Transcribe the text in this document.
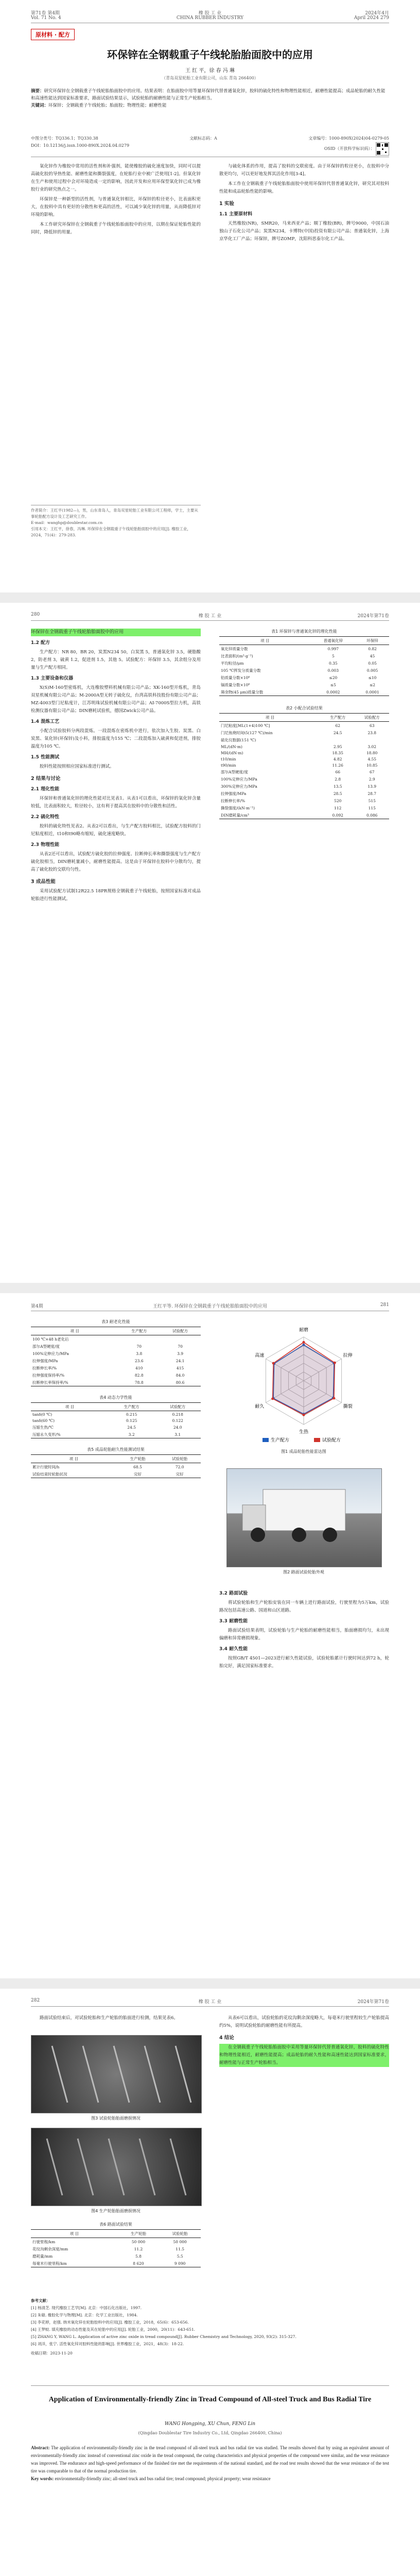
第71卷 第4期	橡 胶 工 业	2024年4月
Vol. 71 No. 4	CHINA RUBBER INDUSTRY	April 2024 279
原材料 · 配方
环保锌在全钢载重子午线轮胎胎面胶中的应用
王 红 平，徐 春 冯 琳
（青岛双星轮胎工业有限公司，山东 青岛 266400）
摘要：研究环保锌在全钢载重子午线轮胎胎面胶中的应用。结果表明：在胎面胶中用等量环保锌代替普通氧化锌，胶料的硫化特性和物理性能相近，耐磨性能提高；成品轮胎的耐久性能和高速性能达到国家标准要求，路面试验结果显示，试验轮胎的耐磨性能与正常生产轮胎相当。
关键词：环保锌；全钢载重子午线轮胎；胎面胶；物理性能；耐磨性能
中图分类号：TQ336.1；TQ330.38	文献标志码：A	文章编号：1000-890X(2024)04-0279-05
DOI：10.12136/j.issn.1000-890X.2024.04.0279
OSID（开放科学标识码）：

氧化锌作为橡胶中常用的活性剂和补强剂，能使橡胶的硫化速度加快，同时可以提高硫化胶的导热性能、耐磨性能和撕裂强度，在轮胎行业中被广泛使用[1-2]。但氧化锌在生产和使用过程中会对环境造成一定的影响，因此开发和应用环保型氧化锌已成为橡胶行业的研究热点之一。

环保锌是一种新型的活性剂，与普通氧化锌相比，环保锌的粒径更小，比表面积更大，在胶料中具有更好的分散性和更高的活性，可以减少氧化锌的用量，从而降低锌对环境的影响。

本工作研究环保锌在全钢载重子午线轮胎胎面胶中的应用，以期在保证轮胎性能的同时，降低锌的用量。

与硫化体系的作用，提高了胶料的交联密度。由于环保锌的粒径更小，在胶料中分散更均匀，可以更好地发挥其活化作用[3-4]。

本工作在全钢载重子午线轮胎胎面胶中使用环保锌代替普通氧化锌，研究其对胶料性能和成品轮胎性能的影响。

1 实验
1.1 主要原材料

天然橡胶(NR)，SMR20，马来西亚产品；顺丁橡胶(BR)，牌号9000，中国石油独山子石化公司产品；炭黑N234，卡博特(中国)投资有限公司产品；普通氧化锌，上海京华化工厂产品；环保锌，牌号ZOMP，沈阳科思泰尔化工产品。

作者简介：王红平(1982—)，男，山东青岛人，青岛双星轮胎工业有限公司工程师，学士，主要从事轮胎配方设计及工艺研究工作。
E-mail：wanghp@doublestar.com.cn
引用本文：王红平，徐春，冯琳. 环保锌在全钢载重子午线轮胎胎面胶中的应用[J]. 橡胶工业，2024，71(4)：279-283.
280	橡 胶 工 业	2024年第71卷
环保锌在全钢载重子午线轮胎胎面胶中的应用
1.2 配方

生产配方：NR 80，BR 20，炭黑N234 50，白炭黑 5，普通氧化锌 3.5，硬脂酸 2，防老剂 3，硫黄 1.2，促进剂 1.5，其他 5。试验配方：环保锌 3.5，其余组分及用量与生产配方相同。

1.3 主要设备和仪器

X(S)M-160型密炼机，大连橡胶塑料机械有限公司产品；XK-160型开炼机，青岛双星机械有限公司产品；M-2000A型无转子硫化仪，台湾高铁科技股份有限公司产品；MZ-4003型门尼粘度计，江苏明珠试验机械有限公司产品；AI-7000S型拉力机，高铁检测仪器有限公司产品；DIN磨耗试验机，德国Zwick公司产品。

1.4 混炼工艺

小配合试验胶料分两段混炼。一段混炼在密炼机中进行，依次加入生胶、炭黑、白炭黑、氧化锌(环保锌)及小料，排胶温度为155 ℃；二段混炼加入硫黄和促进剂，排胶温度为105 ℃。

1.5 性能测试

胶料性能按照相应国家标准进行测试。

2 结果与讨论
2.1 理化性能

环保锌和普通氧化锌的理化性能对比见表1。从表1可以看出，环保锌的氧化锌含量较低，比表面积较大，粒径较小，这有利于提高其在胶料中的分散性和活性。

2.2 硫化特性

胶料的硫化特性见表2。从表2可以看出，与生产配方胶料相比，试验配方胶料的门尼粘度相近，t10和t90略有缩短，硫化速度略快。

2.3 物理性能

从表2还可以看出，试验配方硫化胶的拉伸强度、拉断伸长率和撕裂强度与生产配方硫化胶相当，DIN磨耗量减小，耐磨性能提高。这是由于环保锌在胶料中分散均匀，提高了硫化胶的交联均匀性。

3 成品性能

采用试验配方试制12R22.5 18PR规格全钢载重子午线轮胎，按照国家标准对成品轮胎进行性能测试。

表1 环保锌与普通氧化锌的理化性能
项 目	普通氧化锌	环保锌
氧化锌质量分数	0.997	0.82
比表面积/(m²·g⁻¹)	5	45
平均粒径/μm	0.35	0.05
105 ℃挥发分质量分数	0.003	0.005
铅质量分数×10⁶	≤20	≤10
镉质量分数×10⁶	≤5	≤2
筛余物(45 μm)质量分数	0.0002	0.0001
表2 小配合试验结果
项 目	生产配方	试验配方
门尼粘度[ML(1+4)100 ℃]	62	63
门尼焦烧时间t5(127 ℃)/min	24.5	23.8
硫化仪数据(151 ℃)		
ML/(dN·m)	2.95	3.02
MH/(dN·m)	18.35	18.80
t10/min	4.82	4.55
t90/min	11.26	10.85
邵尔A型硬度/度	66	67
100%定伸应力/MPa	2.8	2.9
300%定伸应力/MPa	13.5	13.9
拉伸强度/MPa	28.5	28.7
拉断伸长率/%	520	515
撕裂强度/(kN·m⁻¹)	112	115
DIN磨耗量/cm³	0.092	0.086
第4期	王红平等. 环保锌在全钢载重子午线轮胎胎面胶中的应用	281
表3 耐老化性能
项 目	生产配方	试验配方
100 ℃×48 h老化后		
邵尔A型硬度/度	70	70
100%定伸应力/MPa	3.8	3.9
拉伸强度/MPa	23.6	24.1
拉断伸长率/%	410	415
拉伸强度保持率/%	82.8	84.0
拉断伸长率保持率/%	78.8	80.6
表4 动态力学性能
项 目	生产配方	试验配方
tanδ(0 ℃)	0.215	0.218
tanδ(60 ℃)	0.125	0.122
压缩生热/℃	24.5	24.0
压缩永久变形/%	3.2	3.1
表5 成品轮胎耐久性能测试结果
项 目	生产轮胎	试验轮胎
累计行驶时间/h	68.5	72.0
试验结束时轮胎状况	完好	完好
耐磨
拉伸
撕裂
生热
耐久
高速
生产配方	试验配方
图1 成品轮胎性能雷达图
图2 路面试验轮胎外观
3.2 路面试验

将试验轮胎和生产轮胎安装在同一车辆上进行路面试验，行驶里程为5万km，试验路况包括高速公路、国道和山区道路。

3.3 耐磨性能

路面试验结果表明，试验轮胎与生产轮胎的耐磨性能相当，胎面磨损均匀，未出现偏磨和异常磨损现象。

3.4 耐久性能

按照GB/T 4501—2023进行耐久性能试验，试验轮胎累计行驶时间达到72 h，轮胎完好，满足国家标准要求。

282	橡 胶 工 业	2024年第71卷

路面试验结束后，对试验轮胎和生产轮胎的胎面进行检测，结果见表6。

图3 试验轮胎胎面磨损情况
图4 生产轮胎胎面磨损情况
表6 路面试验结果
项 目	生产轮胎	试验轮胎
行驶里程/km	50 000	50 000
花纹沟剩余深度/mm	11.2	11.5
磨耗量/mm	5.8	5.5
每毫米行驶里程/km	8 620	9 090

从表6可以看出，试验轮胎的花纹沟剩余深度略大，每毫米行驶里程较生产轮胎提高约5%，说明试验轮胎的耐磨性能有所提高。

4 结论

在全钢载重子午线轮胎胎面胶中采用等量环保锌代替普通氧化锌，胶料的硫化特性和物理性能相近，耐磨性能提高；成品轮胎的耐久性能和高速性能达到国家标准要求，耐磨性能与正常生产轮胎相当。

参考文献：
[1] 杨清芝. 现代橡胶工艺学[M]. 北京：中国石化出版社，1997.
[2] 朱敏. 橡胶化学与物理[M]. 北京：化学工业出版社，1984.
[3] 李花婷，赵强. 纳米氧化锌在轮胎胶料中的应用[J]. 橡胶工业，2018，65(6)：653-656.
[4] 王梦蛟. 填充橡胶的动态性能及其在轮胎中的应用[J]. 轮胎工业，2000，20(11)：643-651.
[5] ZHANG Y, WANG L. Application of active zinc oxide in tread compound[J]. Rubber Chemistry and Technology, 2020, 93(2): 315-327.
[6] 刘洋，张宁. 活性氧化锌对胶料性能的影响[J]. 世界橡胶工业，2021，48(3)：18-22.
收稿日期：2023-11-20
Application of Environmentally-friendly Zinc in Tread Compound of All-steel Truck and Bus Radial Tire
WANG Hongping, XU Chun, FENG Lin
(Qingdao Doublestar Tire Industry Co., Ltd, Qingdao 266400, China)
Abstract: The application of environmentally-friendly zinc in the tread compound of all-steel truck and bus radial tire was studied. The results showed that by using an equivalent amount of environmentally-friendly zinc instead of conventional zinc oxide in the tread compound, the curing characteristics and physical properties of the compound were similar, and the wear resistance was improved. The endurance and high-speed performance of the finished tire met the requirements of the national standard, and the road test results showed that the wear resistance of the test tire was comparable to that of the normal production tire.
Key words: environmentally-friendly zinc; all-steel truck and bus radial tire; tread compound; physical property; wear resistance
